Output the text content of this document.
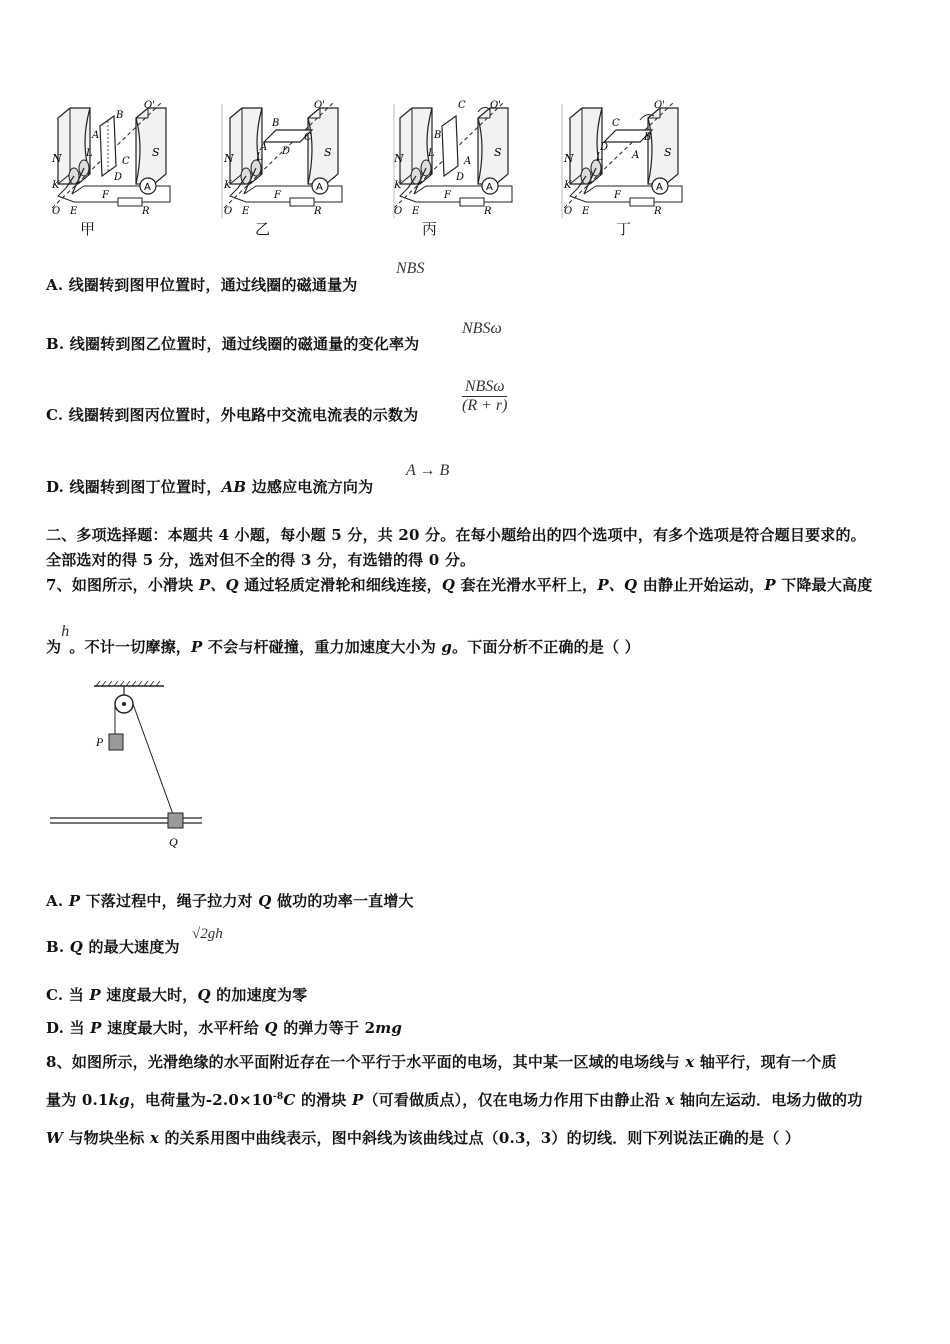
N	S
B
O'
A
L
C
D
K
O E
F
R
N	S
B
O'
A
L
C
D
K
O E
F
R
N	S
C O'
B
L
A
D
K
O E
F
R
N	S
C
O'
D
L
B
A
K
O E
F
R
甲	乙	丙	丁
A. 线圈转到图甲位置时，通过线圈的磁通量为
NBS
B. 线圈转到图乙位置时，通过线圈的磁通量的变化率为
NBSω
C. 线圈转到图丙位置时，外电路中交流电流表的示数为	$\frac{\text{NBSω}}{(R + r)}$
D. 线圈转到图丁位置时，AB 边感应电流方向为
A → B
二、多项选择题：本题共 4 小题，每小题 5 分，共 20 分。在每小题给出的四个选项中，有多个选项是符合题目要求的。
全部选对的得 5 分，选对但不全的得 3 分，有选错的得 0 分。
7、如图所示，小滑块 P、Q 通过轻质定滑轮和细线连接，Q 套在光滑水平杆上，P、Q 由静止开始运动，P 下降最大高度
为h。不计一切摩擦，P 不会与杆碰撞，重力加速度大小为 g。下面分析不正确的是（ ）
P
Q
A. P 下落过程中，绳子拉力对 Q 做功的功率一直增大
B. Q 的最大速度为
√2gh
C. 当 P 速度最大时，Q 的加速度为零
D. 当 P 速度最大时，水平杆给 Q 的弹力等于 2mg
8、如图所示，光滑绝缘的水平面附近存在一个平行于水平面的电场，其中某一区域的电场线与 x 轴平行，现有一个质
量为 0.1kg，电荷量为$-2.0\times 10^{-8}C$ 的滑块 P（可看做质点），仅在电场力作用下由静止沿 x 轴向左运动．电场力做的功
W 与物块坐标 x 的关系用图中曲线表示，图中斜线为该曲线过点（0.3，3）的切线．则下列说法正确的是（ ）
